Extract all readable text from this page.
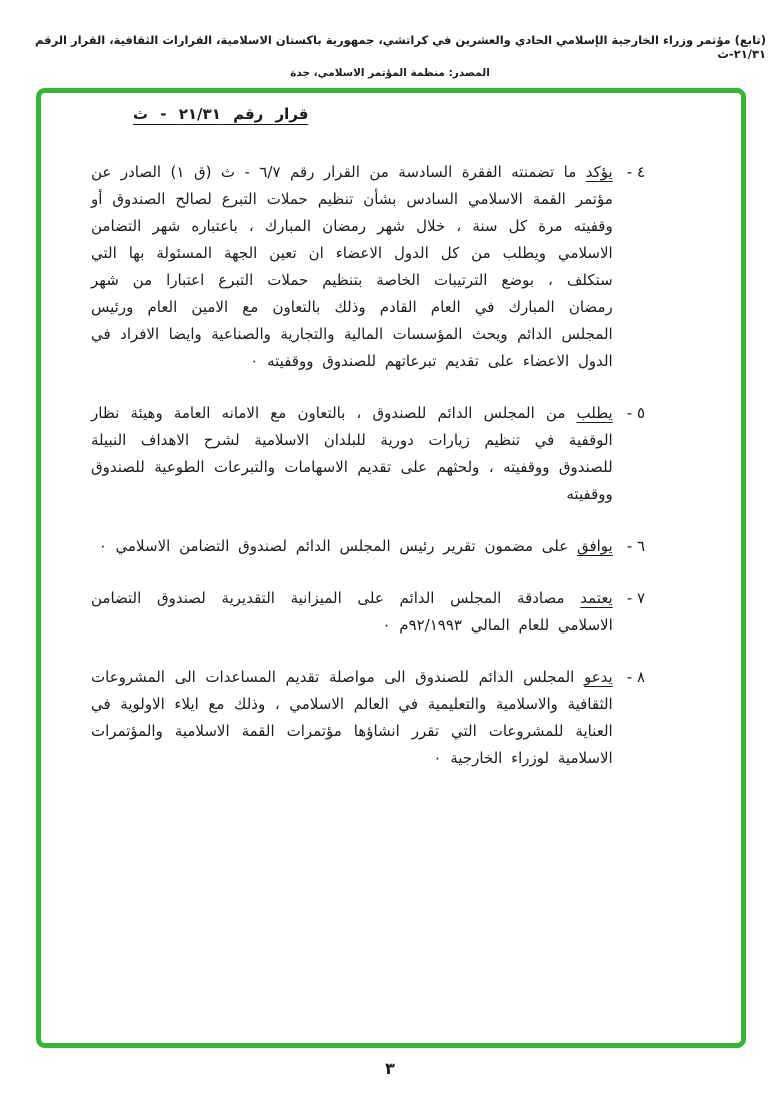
(تابع) مؤتمر وزراء الخارجية الإسلامي الحادي والعشرين في كراتشي، جمهورية باكستان الاسلامية، القرارات الثقافية، القرار الرقم ٢١/٣١-ث
المصدر: منظمة المؤتمر الاسلامي، جدة
قرار رقم ٢١/٣١ - ث
٤ -

يؤكد ما تضمنته الفقرة السادسة من القرار رقم ٦/٧ - ث (ق ١) الصادر عن مؤتمر القمة الاسلامي السادس بشأن تنظيم حملات التبرع لصالح الصندوق أو وقفيته مرة كل سنة ، خلال شهر رمضان المبارك ، باعتباره شهر التضامن الاسلامي ويطلب من كل الدول الاعضاء ان تعين الجهة المسئولة بها التي ستكلف ، بوضع الترتيبات الخاصة بتنظيم حملات التبرع اعتبارا من شهر رمضان المبارك في العام القادم وذلك بالتعاون مع الامين العام ورئيس المجلس الدائم ويحث المؤسسات المالية والتجارية والصناعية وايضا الافراد في الدول الاعضاء على تقديم تبرعاتهم للصندوق ووقفيته ٠

٥ -

يطلب من المجلس الدائم للصندوق ، بالتعاون مع الامانه العامة وهيئة نظار الوقفية في تنظيم زيارات دورية للبلدان الاسلامية لشرح الاهداف النبيلة للصندوق ووقفيته ، ولحثهم على تقديم الاسهامات والتبرعات الطوعية للصندوق ووقفيته

٦ -

يوافق على مضمون تقرير رئيس المجلس الدائم لصندوق التضامن الاسلامي ٠

٧ -

يعتمد مصادقة المجلس الدائم على الميزانية التقديرية لصندوق التضامن الاسلامي للعام المالي ٩٢/١٩٩٣م ٠

٨ -

يدعو المجلس الدائم للصندوق الى مواصلة تقديم المساعدات الى المشروعات الثقافية والاسلامية والتعليمية في العالم الاسلامي ، وذلك مع ايلاء الاولوية في العناية للمشروعات التي تقرر انشاؤها مؤتمرات القمة الاسلامية والمؤتمرات الاسلامية لوزراء الخارجية ٠

٣
